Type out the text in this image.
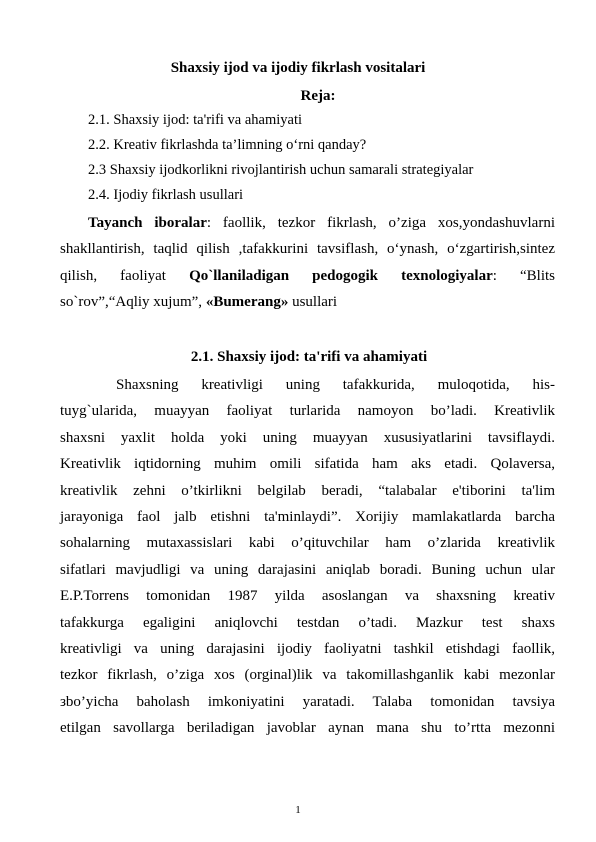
Shaxsiy ijod va ijodiy fikrlash vositalari
Reja:
2.1. Shaxsiy ijod: ta'rifi va ahamiyati
2.2. Kreativ fikrlashda ta’limning o‘rni qanday?
2.3 Shaxsiy ijodkorlikni rivojlantirish uchun samarali strategiyalar
2.4. Ijodiy fikrlash usullari
Tayanch iboralar: faollik, tezkor fikrlash, o’ziga xos,yondashuvlarni
shakllantirish, taqlid qilish ,tafakkurini tavsiflash, o‘ynash, o‘zgartirish,sintez
qilish, faoliyat Qo`llaniladigan pedogogik texnologiyalar: “Blits
so`rov”,“Aqliy xujum”, «Bumerang» usullari
2.1. Shaxsiy ijod: ta'rifi va ahamiyati
Shaxsning kreativligi uning tafakkurida, muloqotida, his-
tuyg`ularida, muayyan faoliyat turlarida namoyon bo’ladi. Kreativlik
shaxsni yaxlit holda yoki uning muayyan xususiyatlarini tavsiflaydi.
Kreativlik iqtidorning muhim omili sifatida ham aks etadi. Qolaversa,
kreativlik zehni o’tkirlikni belgilab beradi, “talabalar e'tiborini ta'lim
jarayoniga faol jalb etishni ta'minlaydi”. Xorijiy mamlakatlarda barcha
sohalarning mutaxassislari kabi o’qituvchilar ham o’zlarida kreativlik
sifatlari mavjudligi va uning darajasini aniqlab boradi. Buning uchun ular
E.P.Torrens tomonidan 1987 yilda asoslangan va shaxsning kreativ
tafakkurga egaligini aniqlovchi testdan o’tadi. Mazkur test shaxs
kreativligi va uning darajasini ijodiy faoliyatni tashkil etishdagi faollik,
tezkor fikrlash, o’ziga xos (orginal)lik va takomillashganlik kabi mezonlar
зbo’yicha baholash imkoniyatini yaratadi. Talaba tomonidan tavsiya
etilgan savollarga beriladigan javoblar aynan mana shu to’rtta mezonni
1
